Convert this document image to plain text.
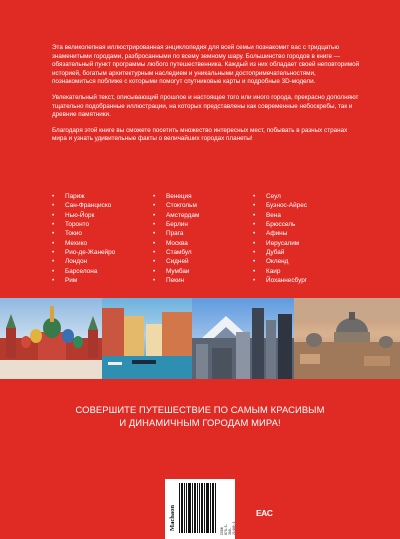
Эта великолепная иллюстрированная энциклопедия для всей семьи познакомит вас с тридцатью знаменитыми городами, разбросанными по всему земному шару. Большинство городов в книге — обязательный пункт программы любого путешественника. Каждый из них обладает своей неповторимой историей, богатым архитектурным наследием и уникальными достопримечательностями, познакомиться поближе с которыми помогут спутниковые карты и подробные 3D-модели.

Увлекательный текст, описывающий прошлое и настоящее того или иного города, прекрасно дополняют тщательно подобранные иллюстрации, на которых представлены как современные небоскребы, так и древние памятники.

Благодаря этой книге вы сможете посетить множество интересных мест, побывать в разных странах мира и узнать удивительные факты о величайших городах планеты!

• Париж
• Сан-Франциско
• Нью-Йорк
• Торонто
• Токио
• Мехико
• Рио-де-Жанейро
• Лондон
• Барселона
• Рим
• Венеция
• Стокгольм
• Амстердам
• Берлин
• Прага
• Москва
• Стамбул
• Сидней
• Мумбаи
• Пекин
• Сеул
• Буэнос-Айрес
• Вена
• Брюссель
• Афины
• Иерусалим
• Дубай
• Окленд
• Каир
• Йоханнесбург
СОВЕРШИТЕ ПУТЕШЕСТВИЕ ПО САМЫМ КРАСИВЫМ
И ДИНАМИЧНЫМ ГОРОДАМ МИРА!
Machaon
ISBN 978-5-389-21440-3
EAC
